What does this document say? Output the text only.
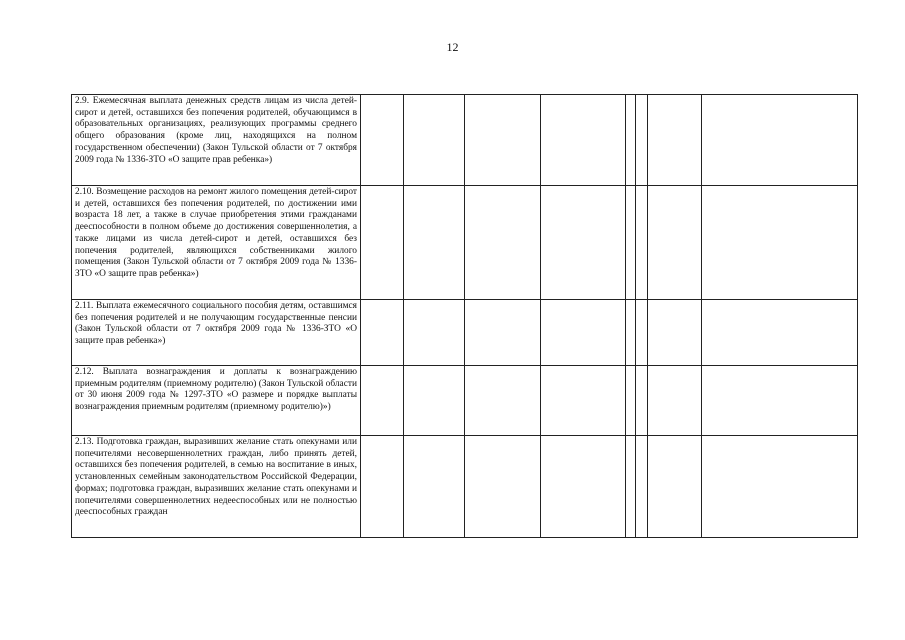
12
2.9. Ежемесячная выплата денежных средств лицам из числа детей-сирот и детей, оставшихся без попечения родителей, обучающимся в образовательных организациях, реализующих программы среднего общего образования (кроме лиц, находящихся на полном государственном обеспечении) (Закон Тульской области от 7 октября 2009 года № 1336-ЗТО «О защите прав ребенка»)								

2.10. Возмещение расходов на ремонт жилого помещения детей-сирот и детей, оставшихся без попечения родителей, по достижении ими возраста 18 лет, а также в случае приобретения этими гражданами дееспособности в полном объеме до достижения совершеннолетия, а также лицами из числа детей-сирот и детей, оставшихся без попечения родителей, являющихся собственниками жилого помещения (Закон Тульской области от 7 октября 2009 года № 1336-ЗТО «О защите прав ребенка»)								

2.11. Выплата ежемесячного социального пособия детям, оставшимся без попечения родителей и не получающим государственные пенсии (Закон Тульской области от 7 октября 2009 года № 1336-ЗТО «О защите прав ребенка»)								

2.12. Выплата вознаграждения и доплаты к вознаграждению приемным родителям (приемному родителю) (Закон Тульской области от 30 июня 2009 года № 1297-ЗТО «О размере и порядке выплаты вознаграждения приемным родителям (приемному родителю)»)								

2.13. Подготовка граждан, выразивших желание стать опекунами или попечителями несовершеннолетних граждан, либо принять детей, оставшихся без попечения родителей, в семью на воспитание в иных, установленных семейным законодательством Российской Федерации, формах; подготовка граждан, выразивших желание стать опекунами и попечителями совершеннолетних недееспособных или не полностью дееспособных граждан								
